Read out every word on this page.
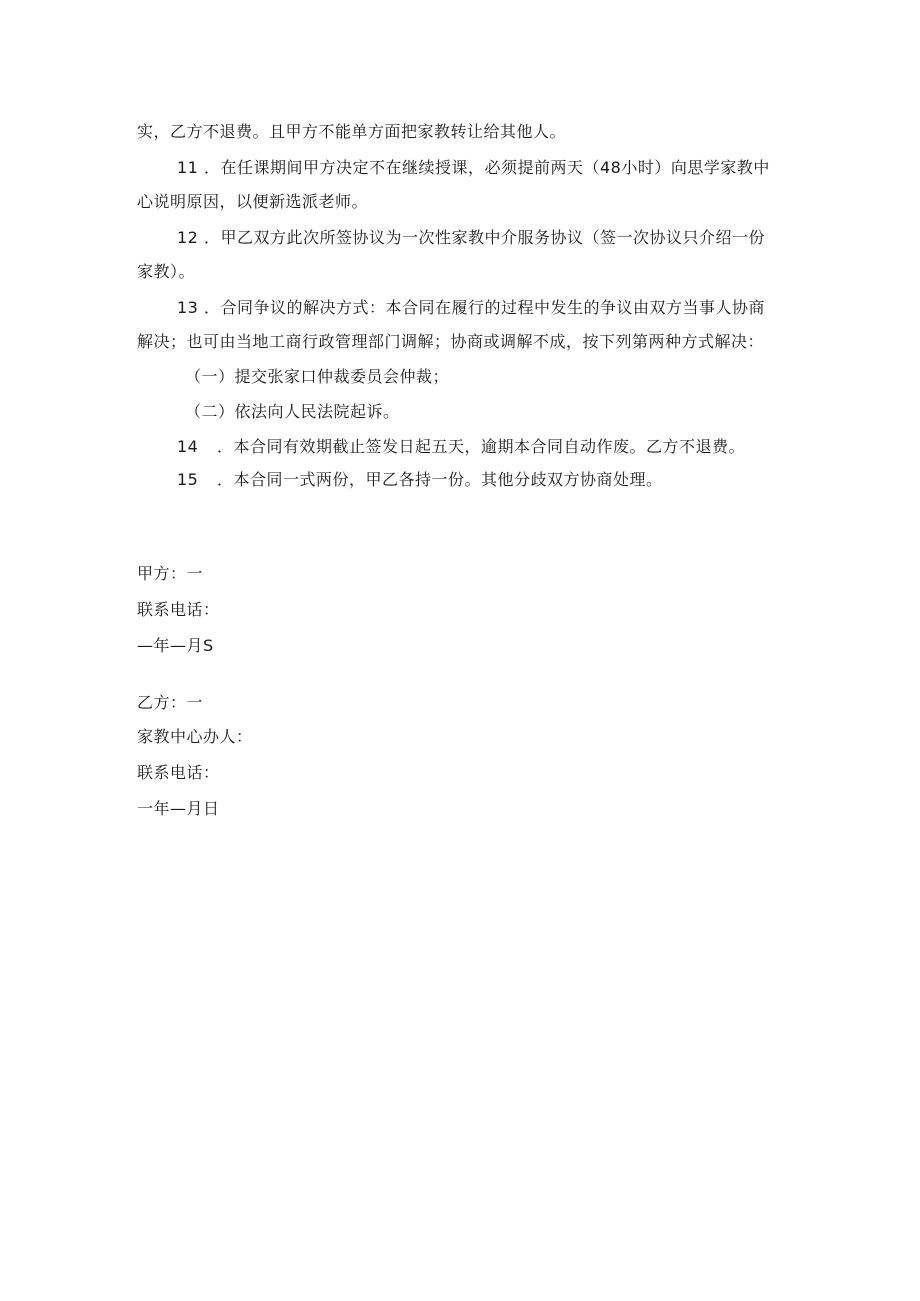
实，乙方不退费。且甲方不能单方面把家教转让给其他人。
11 ．在任课期间甲方决定不在继续授课，必须提前两天（48小时）向思学家教中
心说明原因，以便新选派老师。
12 ．甲乙双方此次所签协议为一次性家教中介服务协议（签一次协议只介绍一份
家教）。
13 ．合同争议的解决方式：本合同在履行的过程中发生的争议由双方当事人协商
解决；也可由当地工商行政管理部门调解；协商或调解不成，按下列第两种方式解决：
（一）提交张家口仲裁委员会仲裁；
（二）依法向人民法院起诉。
14 ．本合同有效期截止签发日起五天，逾期本合同自动作废。乙方不退费。
15 ．本合同一式两份，甲乙各持一份。其他分歧双方协商处理。
甲方：一
联系电话：
—年—月S
乙方：一
家教中心办人：
联系电话：
一年—月日
